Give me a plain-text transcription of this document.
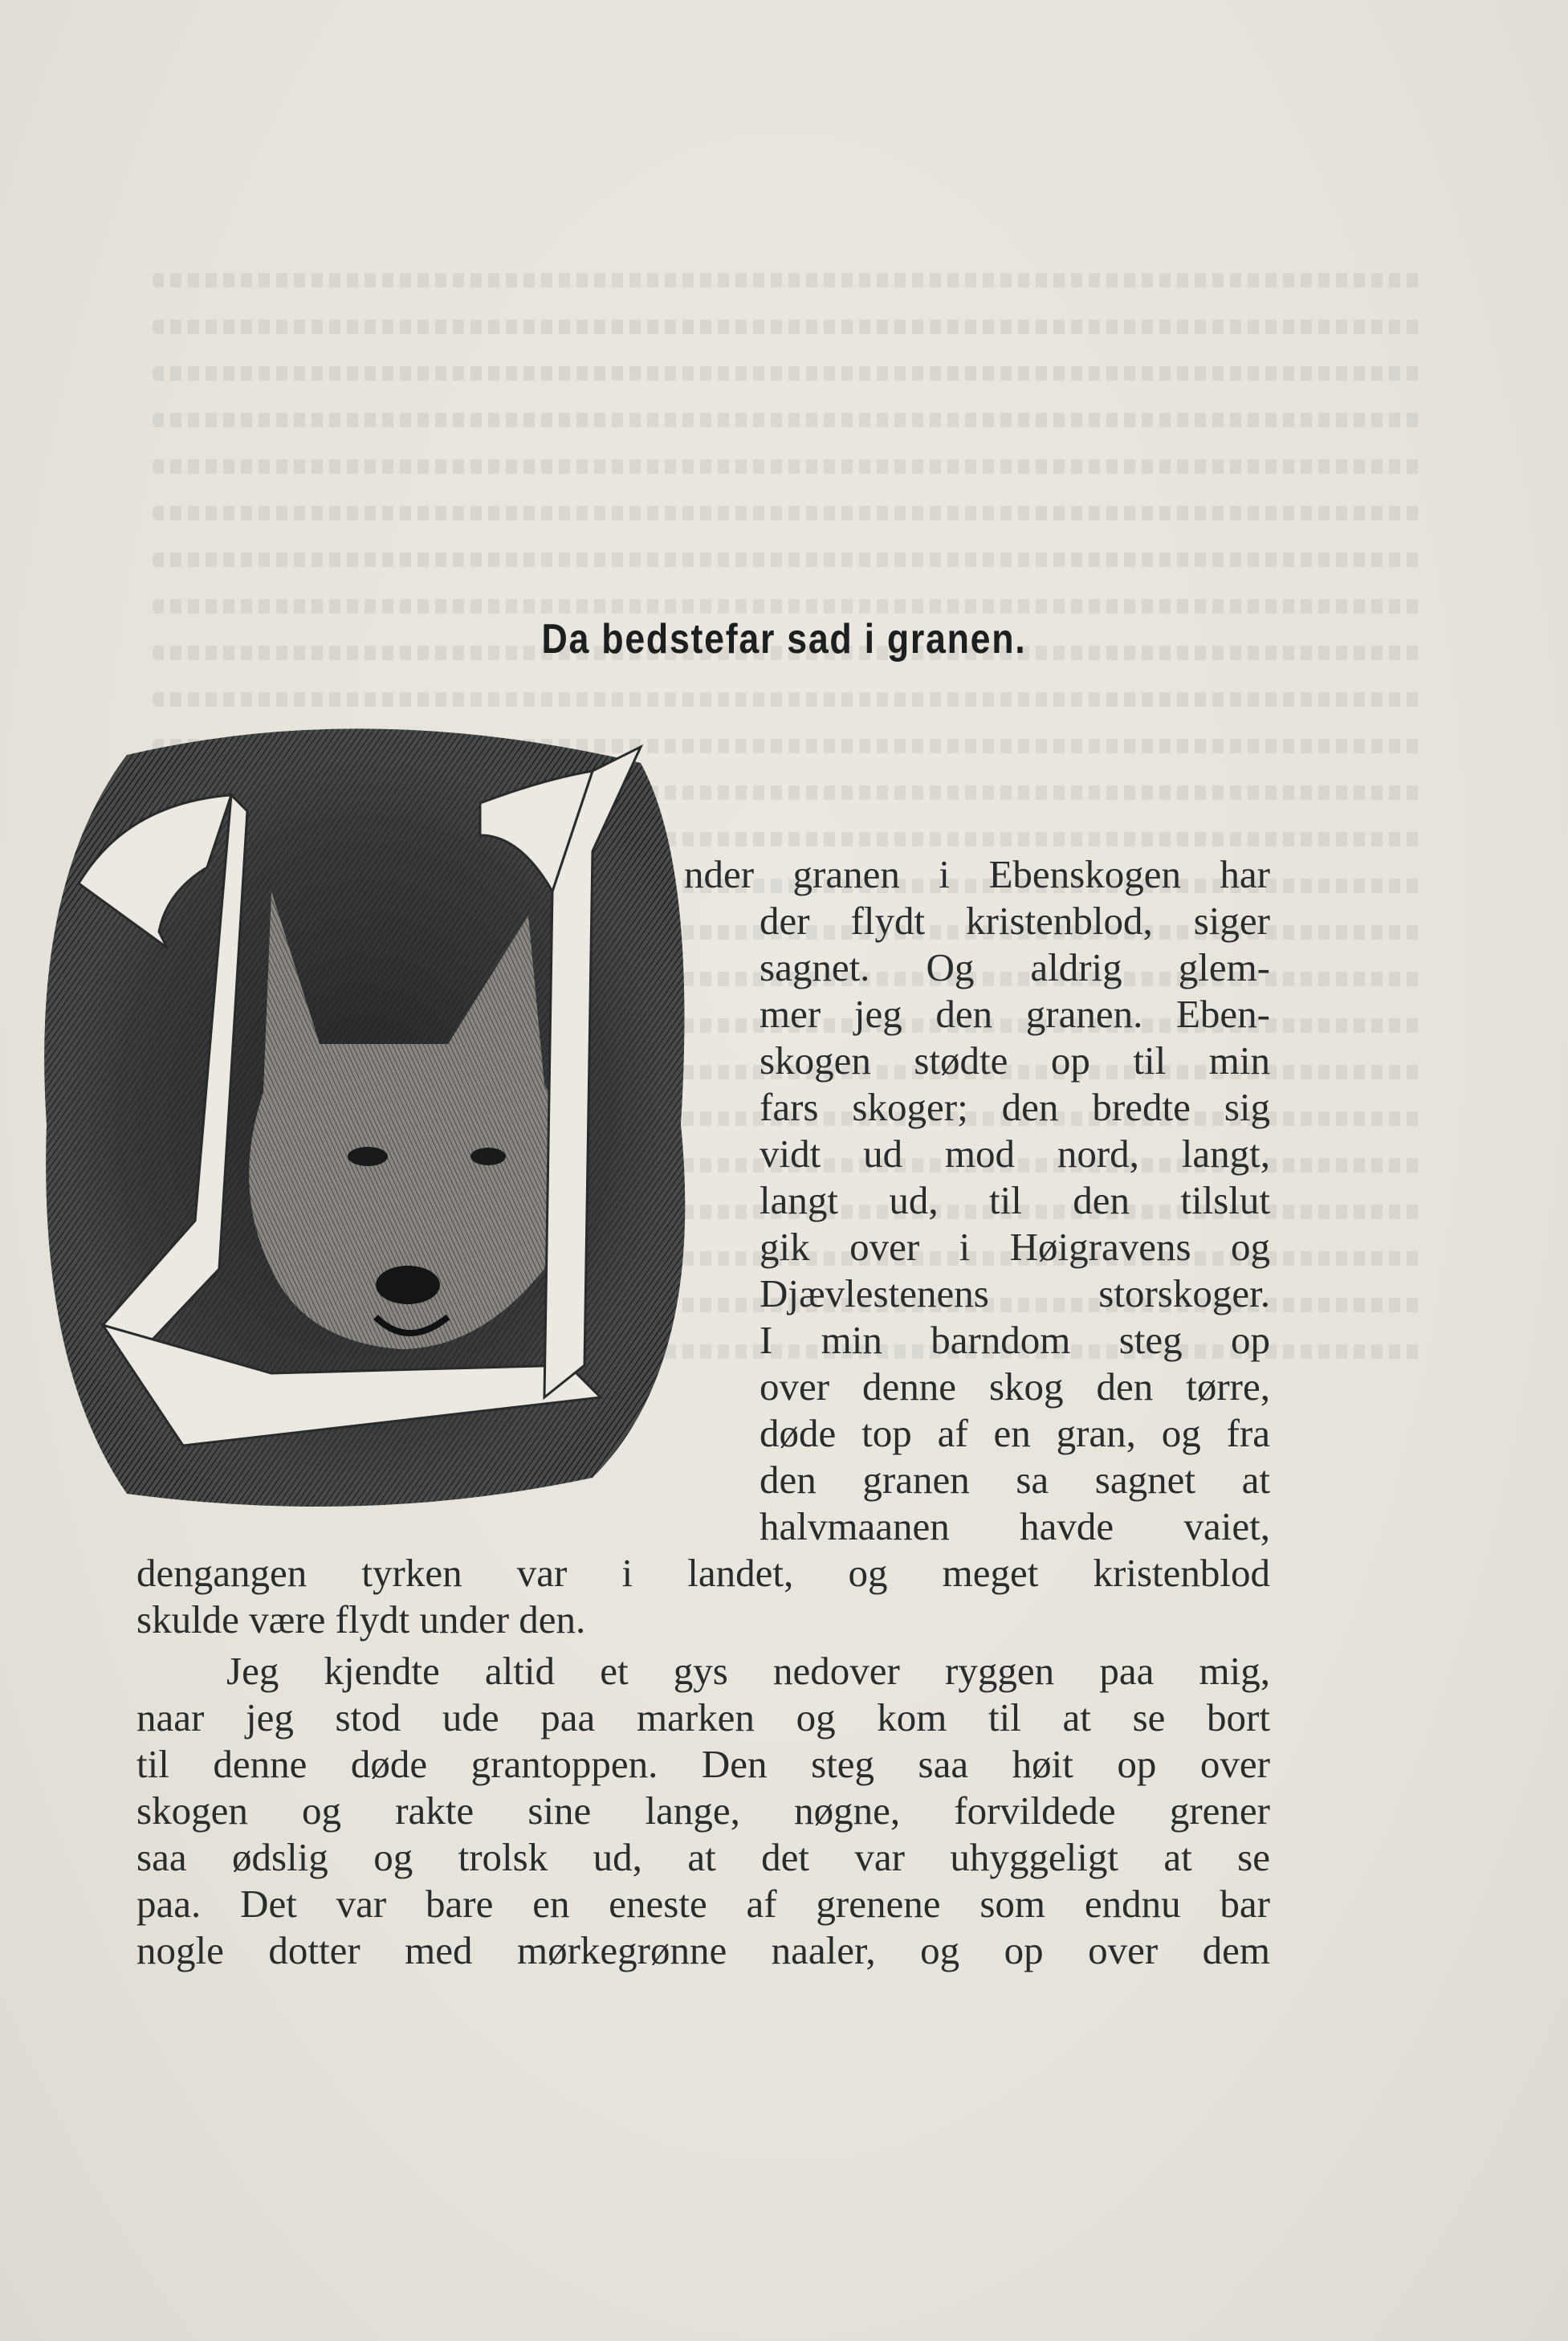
Da bedstefar sad i granen.
nder granen i Ebenskogen har
der flydt kristenblod, siger
sagnet. Og aldrig glem-
mer jeg den granen. Eben-
skogen stødte op til min
fars skoger; den bredte sig
vidt ud mod nord, langt,
langt ud, til den tilslut
gik over i Høigravens og
Djævlestenens storskoger.
I min barndom steg op
over denne skog den tørre,
døde top af en gran, og fra
den granen sa sagnet at
halvmaanen havde vaiet,
dengangen tyrken var i landet, og meget kristenblod
skulde være flydt under den.
Jeg kjendte altid et gys nedover ryggen paa mig,
naar jeg stod ude paa marken og kom til at se bort
til denne døde grantoppen. Den steg saa høit op over
skogen og rakte sine lange, nøgne, forvildede grener
saa ødslig og trolsk ud, at det var uhyggeligt at se
paa. Det var bare en eneste af grenene som endnu bar
nogle dotter med mørkegrønne naaler, og op over dem
